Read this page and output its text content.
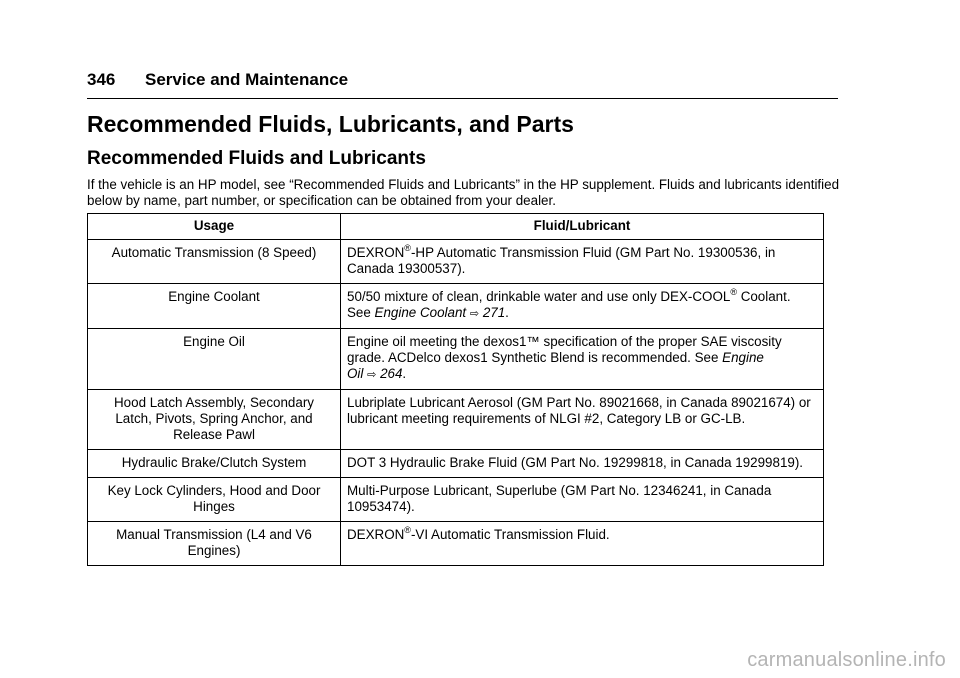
346	Service and Maintenance
Recommended Fluids, Lubricants, and Parts
Recommended Fluids and Lubricants

If the vehicle is an HP model, see “Recommended Fluids and Lubricants” in the HP supplement. Fluids and lubricants identified below by name, part number, or specification can be obtained from your dealer.

Usage	Fluid/Lubricant
Automatic Transmission (8 Speed)	DEXRON®-HP Automatic Transmission Fluid (GM Part No. 19300536, in Canada 19300537).
Engine Coolant	50/50 mixture of clean, drinkable water and use only DEX-COOL® Coolant. See Engine Coolant ⇨ 271.
Engine Oil	Engine oil meeting the dexos1™ specification of the proper SAE viscosity grade. ACDelco dexos1 Synthetic Blend is recommended. See Engine Oil ⇨ 264.
Hood Latch Assembly, Secondary Latch, Pivots, Spring Anchor, and Release Pawl	Lubriplate Lubricant Aerosol (GM Part No. 89021668, in Canada 89021674) or lubricant meeting requirements of NLGI #2, Category LB or GC-LB.
Hydraulic Brake/Clutch System	DOT 3 Hydraulic Brake Fluid (GM Part No. 19299818, in Canada 19299819).
Key Lock Cylinders, Hood and Door Hinges	Multi-Purpose Lubricant, Superlube (GM Part No. 12346241, in Canada 10953474).
Manual Transmission (L4 and V6 Engines)	DEXRON®-VI Automatic Transmission Fluid.
carmanualsonline.info
